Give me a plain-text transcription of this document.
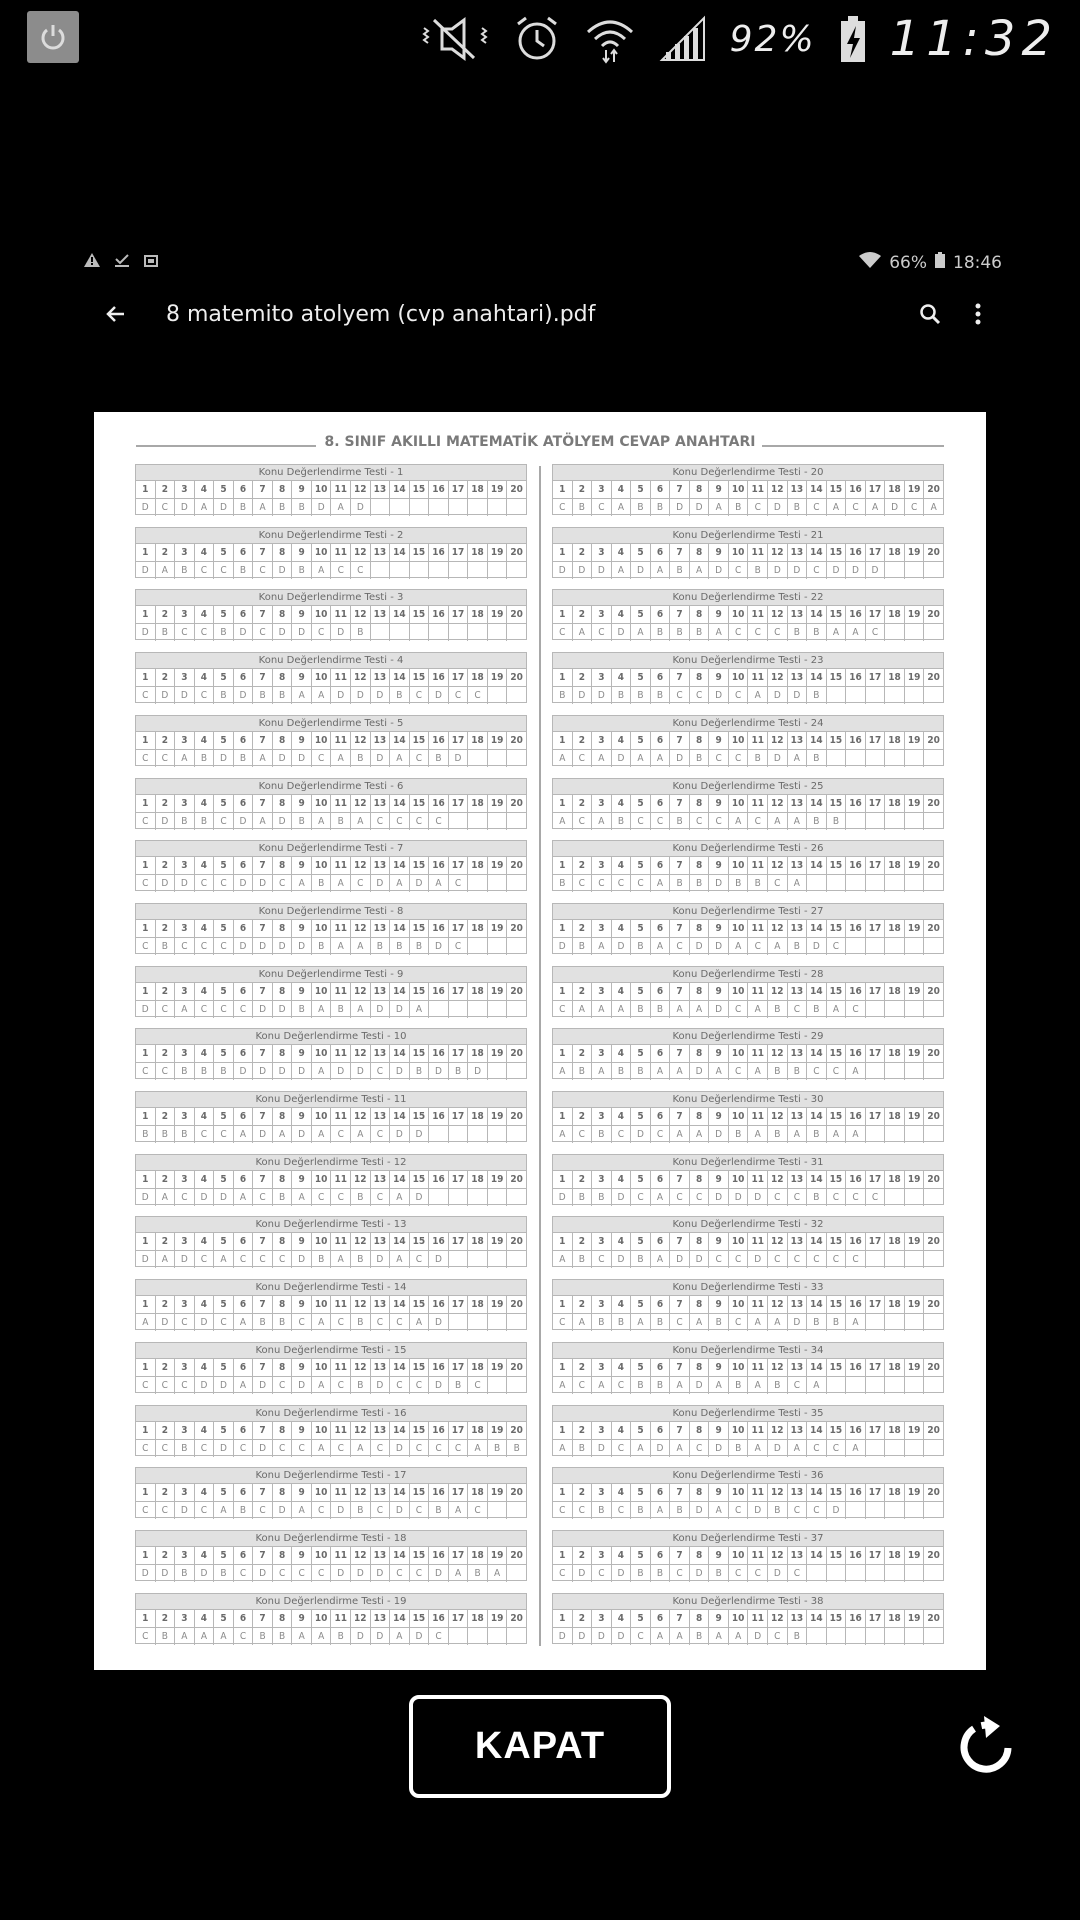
92% 11:32
66% 18:46
8 matemito atolyem (cvp anahtari).pdf
8. SINIF AKILLI MATEMATİK ATÖLYEM CEVAP ANAHTARI
Konu Değerlendirme Testi - 1
1	2	3	4	5	6	7	8	9	10 11 12 13 14 15 16 17 18 19 20
D	C	D	A	D	B	A	B	B	D	A	D
Konu Değerlendirme Testi - 2
1	2	3	4	5	6	7	8	9	10 11 12 13 14 15 16 17 18 19 20
D	A	B	C	C	B	C	D	B	A	C	C
Konu Değerlendirme Testi - 3
1	2	3	4	5	6	7	8	9	10 11 12 13 14 15 16 17 18 19 20
D	B	C	C	B	D	C	D	D	C	D	B
Konu Değerlendirme Testi - 4
1	2	3	4	5	6	7	8	9	10 11 12 13 14 15 16 17 18 19 20
C	D	D	C	B	D	B	B	A	A	D	D	D	B	C	D	C	C
Konu Değerlendirme Testi - 5
1	2	3	4	5	6	7	8	9	10 11 12 13 14 15 16 17 18 19 20
C	C	A	B	D	B	A	D	D	C	A	B	D	A	C	B	D
Konu Değerlendirme Testi - 6
1	2	3	4	5	6	7	8	9	10 11 12 13 14 15 16 17 18 19 20
C	D	B	B	C	D	A	D	B	A	B	A	C	C	C	C
Konu Değerlendirme Testi - 7
1	2	3	4	5	6	7	8	9	10 11 12 13 14 15 16 17 18 19 20
C	D	D	C	C	D	D	C	A	B	A	C	D	A	D	A	C
Konu Değerlendirme Testi - 8
1	2	3	4	5	6	7	8	9	10 11 12 13 14 15 16 17 18 19 20
C	B	C	C	C	D	D	D	D	B	A	A	B	B	B	D	C
Konu Değerlendirme Testi - 9
1	2	3	4	5	6	7	8	9	10 11 12 13 14 15 16 17 18 19 20
D	C	A	C	C	C	D	D	B	A	B	A	D	D	A
Konu Değerlendirme Testi - 10
1	2	3	4	5	6	7	8	9	10 11 12 13 14 15 16 17 18 19 20
C	C	B	B	B	D	D	D	D	A	D	D	C	D	B	D	B	D
Konu Değerlendirme Testi - 11
1	2	3	4	5	6	7	8	9	10 11 12 13 14 15 16 17 18 19 20
B	B	B	C	C	A	D	A	D	A	C	A	C	D	D
Konu Değerlendirme Testi - 12
1	2	3	4	5	6	7	8	9	10 11 12 13 14 15 16 17 18 19 20
D	A	C	D	D	A	C	B	A	C	C	B	C	A	D
Konu Değerlendirme Testi - 13
1	2	3	4	5	6	7	8	9	10 11 12 13 14 15 16 17 18 19 20
D	A	D	C	A	C	C	C	D	B	A	B	D	A	C	D
Konu Değerlendirme Testi - 14
1	2	3	4	5	6	7	8	9	10 11 12 13 14 15 16 17 18 19 20
A	D	C	D	C	A	B	B	C	A	C	B	C	C	A	D
Konu Değerlendirme Testi - 15
1	2	3	4	5	6	7	8	9	10 11 12 13 14 15 16 17 18 19 20
C	C	C	D	D	A	D	C	D	A	C	B	D	C	C	D	B	C
Konu Değerlendirme Testi - 16
1	2	3	4	5	6	7	8	9	10 11 12 13 14 15 16 17 18 19 20
C	C	B	C	D	C	D	C	C	A	C	A	C	D	C	C	C	A	B	B
Konu Değerlendirme Testi - 17
1	2	3	4	5	6	7	8	9	10 11 12 13 14 15 16 17 18 19 20
C	C	D	C	A	B	C	D	A	C	D	B	C	D	C	B	A	C
Konu Değerlendirme Testi - 18
1	2	3	4	5	6	7	8	9	10 11 12 13 14 15 16 17 18 19 20
D	D	B	D	B	C	D	C	C	C	D	D	D	C	C	D	A	B	A
Konu Değerlendirme Testi - 19
1	2	3	4	5	6	7	8	9	10 11 12 13 14 15 16 17 18 19 20
C	B	A	A	A	C	B	B	A	A	B	D	D	A	D	C
Konu Değerlendirme Testi - 20
1	2	3	4	5	6	7	8	9	10 11 12 13 14 15 16 17 18 19 20
C	B	C	A	B	B	D	D	A	B	C	D	B	C	A	C	A	D	C	A
Konu Değerlendirme Testi - 21
1	2	3	4	5	6	7	8	9	10 11 12 13 14 15 16 17 18 19 20
D	D	D	A	D	A	B	A	D	C	B	D	D	C	D	D	D
Konu Değerlendirme Testi - 22
1	2	3	4	5	6	7	8	9	10 11 12 13 14 15 16 17 18 19 20
C	A	C	D	A	B	B	B	A	C	C	C	B	B	A	A	C
Konu Değerlendirme Testi - 23
1	2	3	4	5	6	7	8	9	10 11 12 13 14 15 16 17 18 19 20
B	D	D	B	B	B	C	C	D	C	A	D	D	B
Konu Değerlendirme Testi - 24
1	2	3	4	5	6	7	8	9	10 11 12 13 14 15 16 17 18 19 20
A	C	A	D	A	A	D	B	C	C	B	D	A	B
Konu Değerlendirme Testi - 25
1	2	3	4	5	6	7	8	9	10 11 12 13 14 15 16 17 18 19 20
A	C	A	B	C	C	B	C	C	A	C	A	A	B	B
Konu Değerlendirme Testi - 26
1	2	3	4	5	6	7	8	9	10 11 12 13 14 15 16 17 18 19 20
B	C	C	C	C	A	B	B	D	B	B	C	A
Konu Değerlendirme Testi - 27
1	2	3	4	5	6	7	8	9	10 11 12 13 14 15 16 17 18 19 20
D	B	A	D	B	A	C	D	D	A	C	A	B	D	C
Konu Değerlendirme Testi - 28
1	2	3	4	5	6	7	8	9	10 11 12 13 14 15 16 17 18 19 20
C	A	A	A	B	B	A	A	D	C	A	B	C	B	A	C
Konu Değerlendirme Testi - 29
1	2	3	4	5	6	7	8	9	10 11 12 13 14 15 16 17 18 19 20
A	B	A	B	B	A	A	D	A	C	A	B	B	C	C	A
Konu Değerlendirme Testi - 30
1	2	3	4	5	6	7	8	9	10 11 12 13 14 15 16 17 18 19 20
A	C	B	C	D	C	A	A	D	B	A	B	A	B	A	A
Konu Değerlendirme Testi - 31
1	2	3	4	5	6	7	8	9	10 11 12 13 14 15 16 17 18 19 20
D	B	B	D	C	A	C	C	D	D	D	C	C	B	C	C	C
Konu Değerlendirme Testi - 32
1	2	3	4	5	6	7	8	9	10 11 12 13 14 15 16 17 18 19 20
A	B	C	D	B	A	D	D	C	C	D	C	C	C	C	C
Konu Değerlendirme Testi - 33
1	2	3	4	5	6	7	8	9	10 11 12 13 14 15 16 17 18 19 20
C	A	B	B	A	B	C	A	B	C	A	A	D	B	B	A
Konu Değerlendirme Testi - 34
1	2	3	4	5	6	7	8	9	10 11 12 13 14 15 16 17 18 19 20
A	C	A	C	B	B	A	D	A	B	A	B	C	A
Konu Değerlendirme Testi - 35
1	2	3	4	5	6	7	8	9	10 11 12 13 14 15 16 17 18 19 20
A	B	D	C	A	D	A	C	D	B	A	D	A	C	C	A
Konu Değerlendirme Testi - 36
1	2	3	4	5	6	7	8	9	10 11 12 13 14 15 16 17 18 19 20
C	C	B	C	B	A	B	D	A	C	D	B	C	C	D
Konu Değerlendirme Testi - 37
1	2	3	4	5	6	7	8	9	10 11 12 13 14 15 16 17 18 19 20
C	D	C	D	B	B	C	D	B	C	C	D	C
Konu Değerlendirme Testi - 38
1	2	3	4	5	6	7	8	9	10 11 12 13 14 15 16 17 18 19 20
D	D	D	D	C	A	A	B	A	A	D	C	B
KAPAT
